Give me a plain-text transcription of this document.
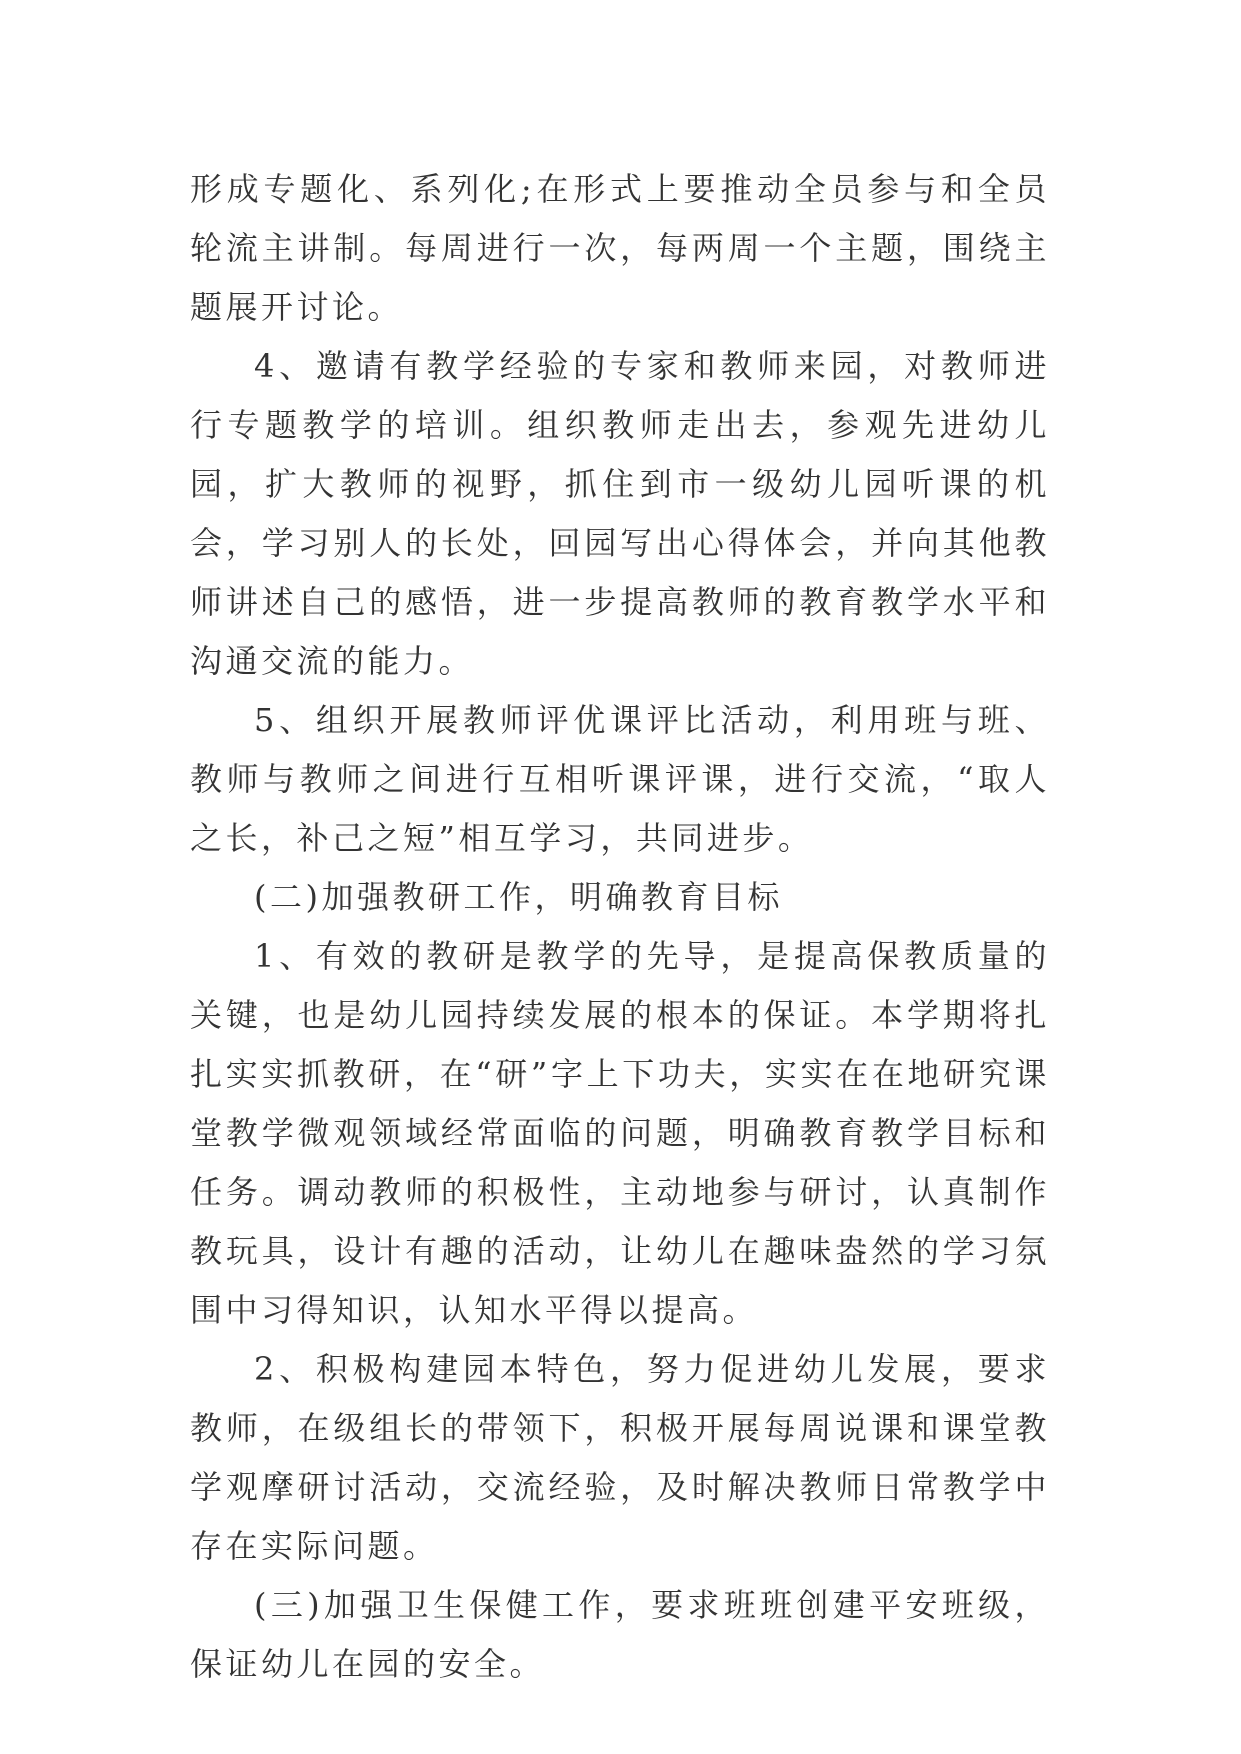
形成专题化、系列化;在形式上要推动全员参与和全员轮流主讲制。每周进行一次，每两周一个主题，围绕主题展开讨论。

4、邀请有教学经验的专家和教师来园，对教师进行专题教学的培训。组织教师走出去，参观先进幼儿园，扩大教师的视野，抓住到市一级幼儿园听课的机会，学习别人的长处，回园写出心得体会，并向其他教师讲述自己的感悟，进一步提高教师的教育教学水平和沟通交流的能力。

5、组织开展教师评优课评比活动，利用班与班、教师与教师之间进行互相听课评课，进行交流，“取人之长，补己之短”相互学习，共同进步。

(二)加强教研工作，明确教育目标

1、有效的教研是教学的先导，是提高保教质量的关键，也是幼儿园持续发展的根本的保证。本学期将扎扎实实抓教研，在“研”字上下功夫，实实在在地研究课堂教学微观领域经常面临的问题，明确教育教学目标和任务。调动教师的积极性，主动地参与研讨，认真制作教玩具，设计有趣的活动，让幼儿在趣味盎然的学习氛围中习得知识，认知水平得以提高。

2、积极构建园本特色，努力促进幼儿发展，要求教师，在级组长的带领下，积极开展每周说课和课堂教学观摩研讨活动，交流经验，及时解决教师日常教学中存在实际问题。

(三)加强卫生保健工作，要求班班创建平安班级，保证幼儿在园的安全。
